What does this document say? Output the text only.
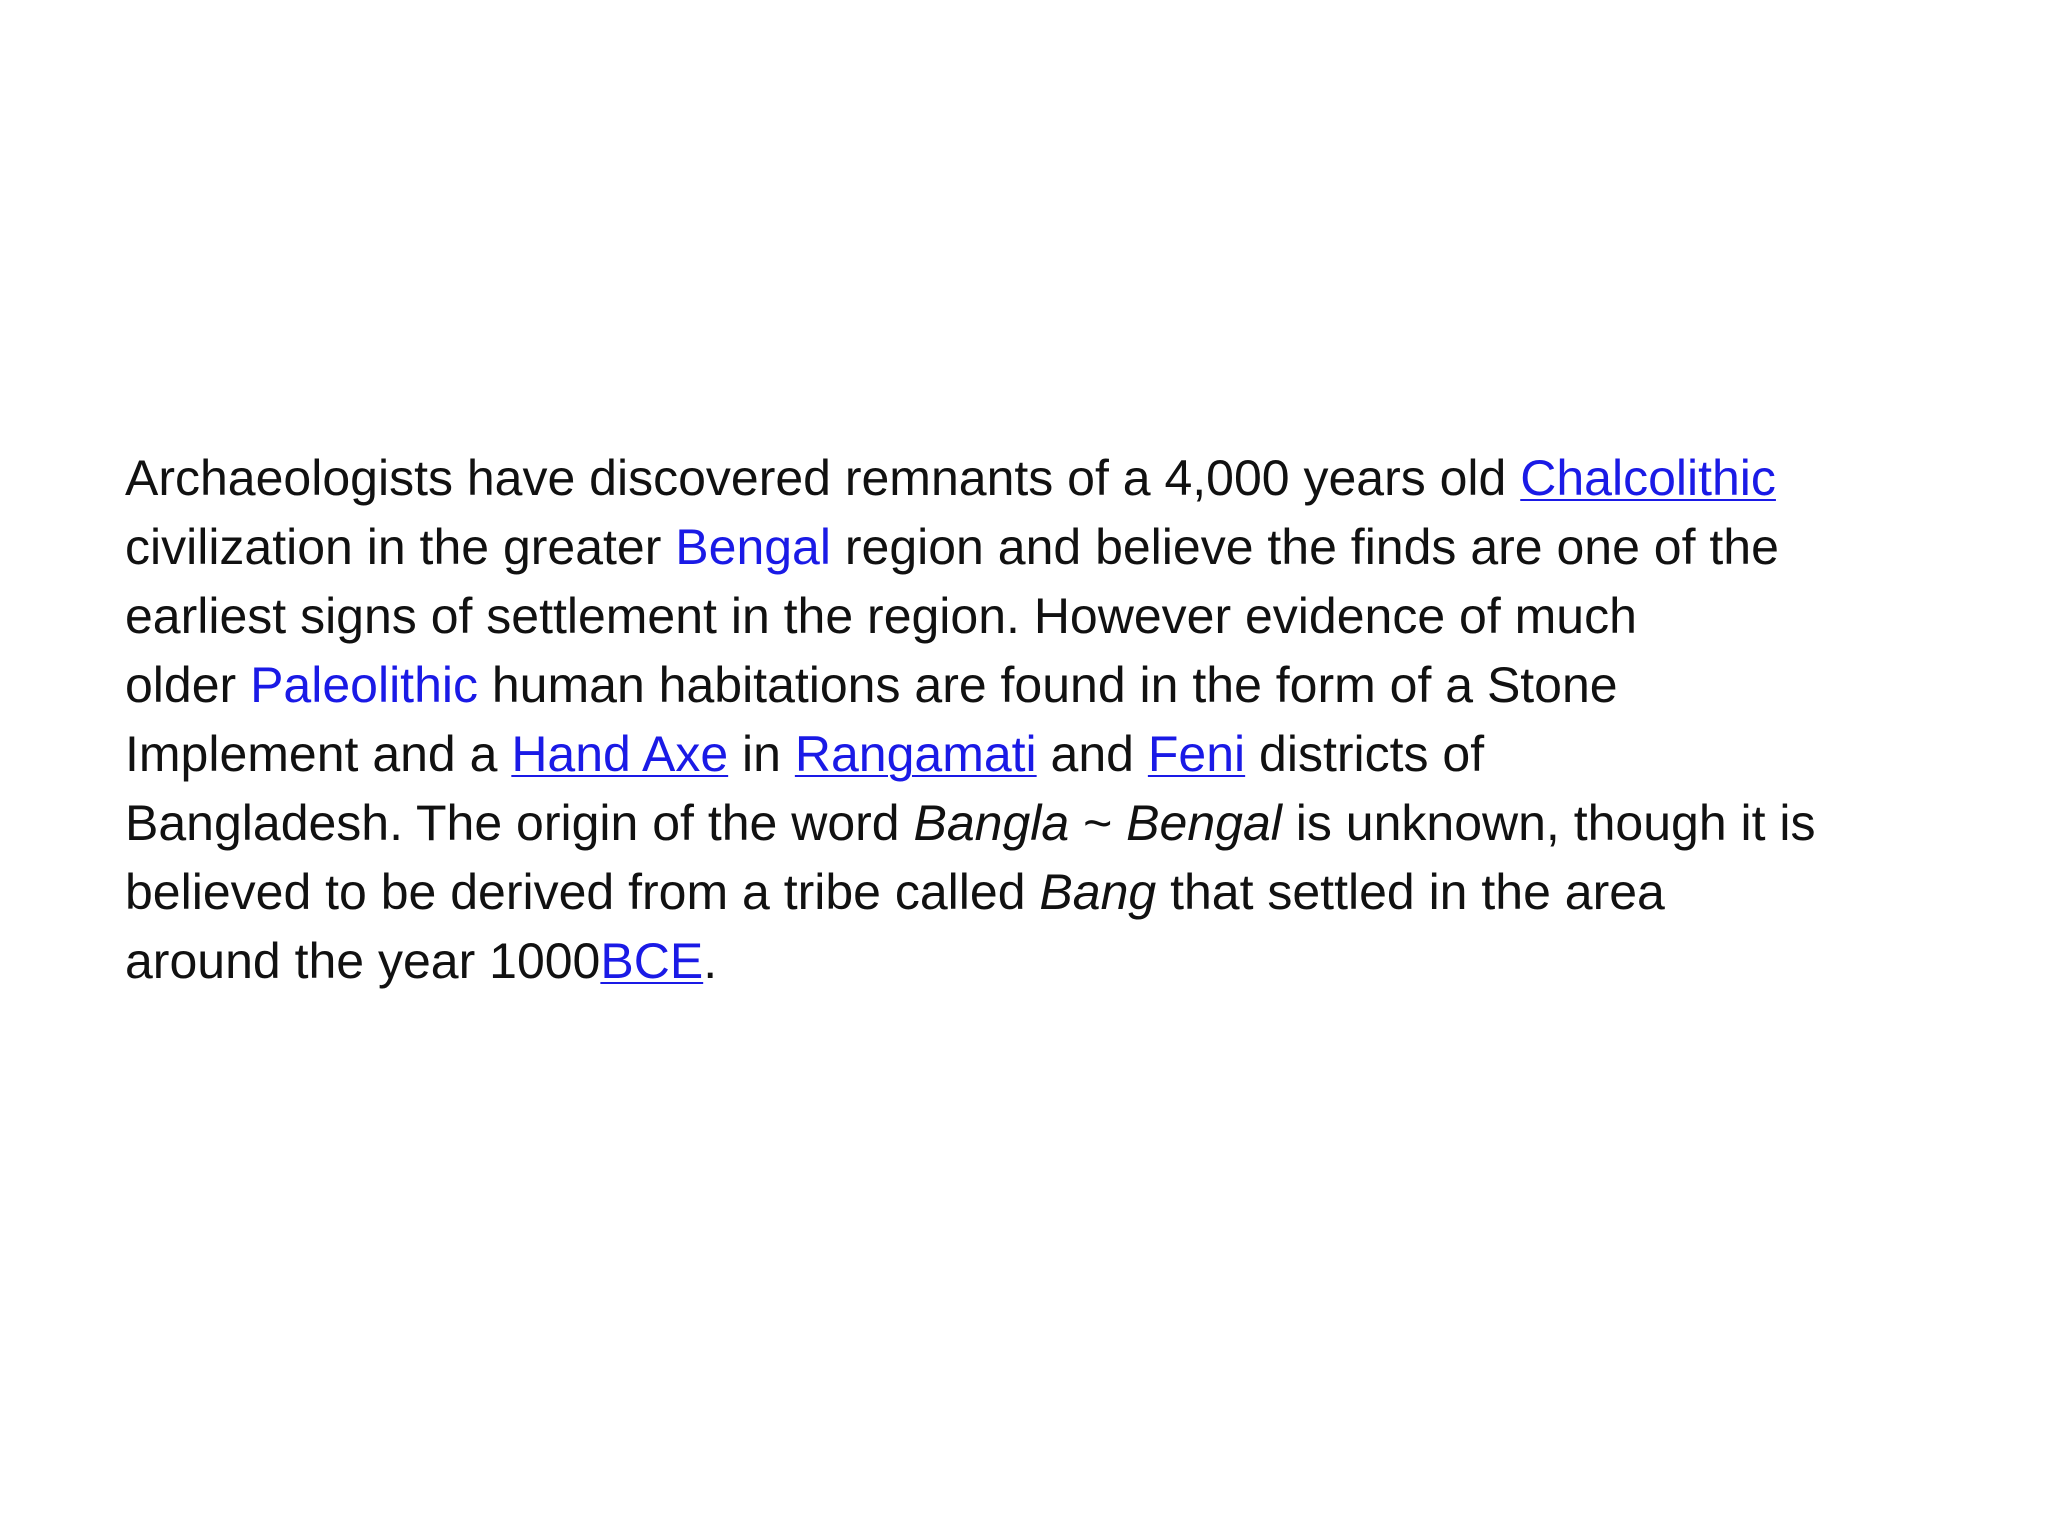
Archaeologists have discovered remnants of a 4,000 years old Chalcolithic
civilization in the greater Bengal region and believe the finds are one of the
earliest signs of settlement in the region. However evidence of much
older Paleolithic human habitations are found in the form of a Stone
Implement and a Hand Axe in Rangamati and Feni districts of
Bangladesh. The origin of the word Bangla ~ Bengal is unknown, though it is
believed to be derived from a tribe called Bang that settled in the area
around the year 1000BCE.
